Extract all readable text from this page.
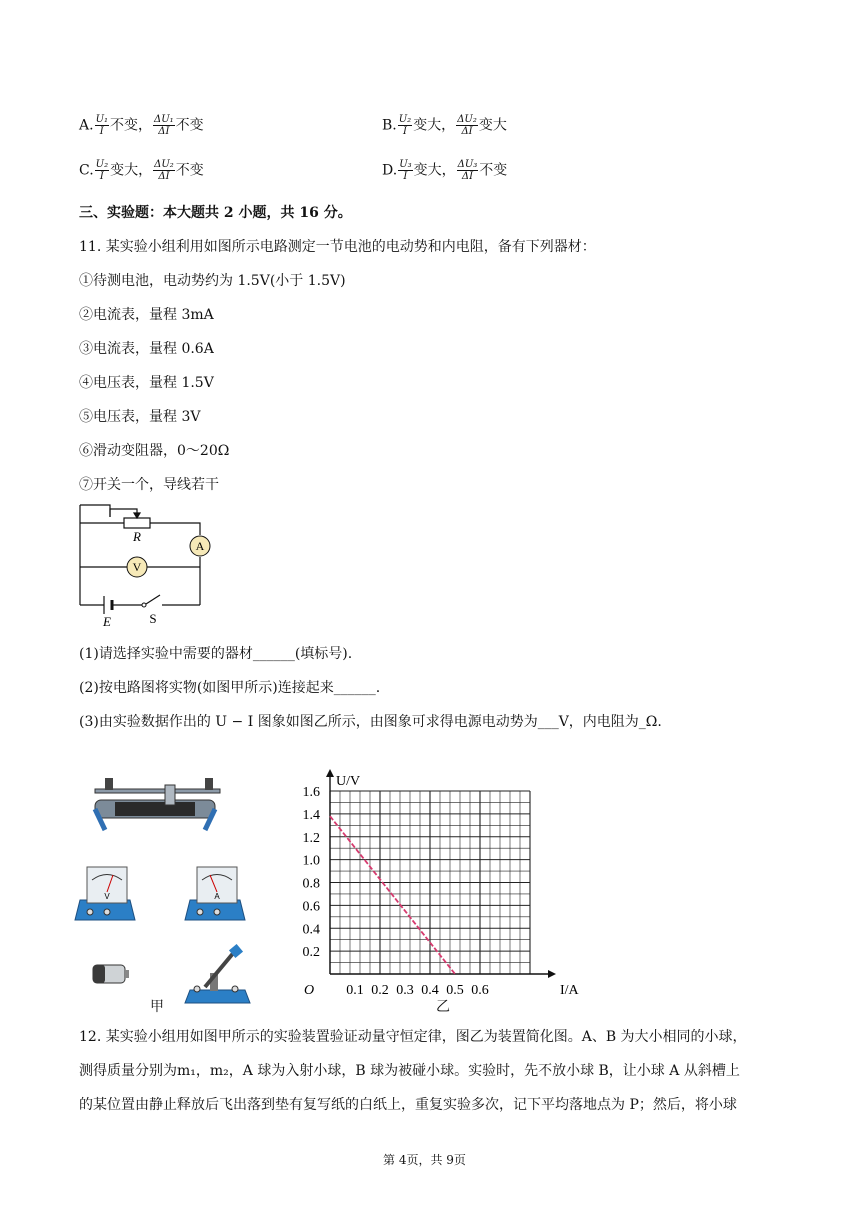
A. $\frac{\text{U₁}}{I}$ 不变， $\frac{\text{ΔU₁}}{\Delta I}$ 不变	B. $\frac{\text{U₂}}{I}$ 变大， $\frac{\text{ΔU₂}}{\Delta I}$ 变大
C. $\frac{\text{U₂}}{I}$ 变大， $\frac{\text{ΔU₂}}{\Delta I}$ 不变	D. $\frac{\text{U₃}}{I}$ 变大， $\frac{\text{ΔU₃}}{\Delta I}$ 不变
三、实验题：本大题共 2 小题，共 16 分。
11. 某实验小组利用如图所示电路测定一节电池的电动势和内电阻，备有下列器材：
①待测电池，电动势约为 1.5V(小于 1.5V)
②电流表，量程 3mA
③电流表，量程 0.6A
④电压表，量程 1.5V
⑤电压表，量程 3V
⑥滑动变阻器，0～20Ω
⑦开关一个，导线若干
A
V
R
E	S
(1)请选择实验中需要的器材______(填标号).
(2)按电路图将实物(如图甲所示)连接起来______.
(3)由实验数据作出的 U − I 图象如图乙所示，由图象可求得电源电动势为___V，内电阻为_Ω.
V	A
甲
0.1 0.2 0.3 0.4 0.5 0.6
0.2
0.4
0.6
0.8
1.0
1.2
1.4
1.6
O	I/A
U/V
乙
12. 某实验小组用如图甲所示的实验装置验证动量守恒定律，图乙为装置简化图。A、B 为大小相同的小球，
测得质量分别为m₁，m₂，A 球为入射小球，B 球为被碰小球。实验时，先不放小球 B，让小球 A 从斜槽上
的某位置由静止释放后飞出落到垫有复写纸的白纸上，重复实验多次，记下平均落地点为 P；然后，将小球
第 4页，共 9页
